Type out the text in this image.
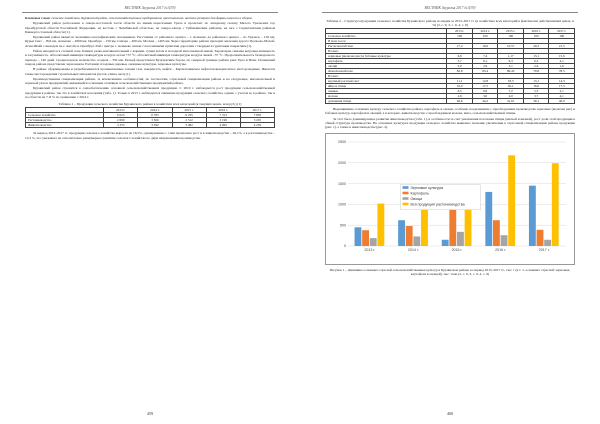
ВЕСТНИК Зауралья 2017 №3(39)

Ключевые слова: сельское хозяйство, Бурзянский район, сельскохозяйственные предприятия, крестьянские, наличие резервов для формы налогов и сборов.

Бурзянский район расположен в северо-восточной части области на линии пересечения Урала и пролегает по западному склону Малого Уральских гор Оренбургской области Российской Федерации, на востоке с Челябинской областью, на северо-западе с Туймазинским районом, на юге с Саракташским районом Башкортостанской области [1].

Бурзянский район является экономико-географическим положением. Расстояние от районного центра – г. Асекеево до районного центра – по Уральск – 156 км, Курьи Свет – 18,6 км, Асекеево – 2669 км, Оренбург – 150 км, Самара – 400 км, Москва – 1405 км. Через территорию района проходит железная дорога Уральско-Малой-Агин-Шайх с выходом на г. Актобе и Оренбург. Рай с центре г. Асекеево связан с населенными пунктами дорогами с твердым и грунтовым покрытием [1].

Район находится в степной зоне. Климат резко-континентальный с жарким, сухим летом и холодной малоснежной зимой. Характерна сильная ветровая активность и засушливость. Абсолютный минимум температуры воздуха летом +37 °С, абсолютный минимум температуры воздуха зимой –37 °С. Продолжительность безморозного периода – 140 дней. Среднегодовое количество осадков – 350 мм. Рельеф представлен Бузулукским бором, по северной границе района река Урал и Илек. Почвенный покров района представлен черноземом. Растения: плодовые деревья, овощные культуры, зерновые культуры.

В районе сформированы и разрабатываются промышленные залежи газа, конденсата, нефти – Карачаганакское нефтегазоконденсатное месторождение, Имеются также месторождения строительных материалов (песок, глина, мел) [1].

Производственная специализация района, за исключением особенностей, по частностям, отраслевой специализации района и на следующее, мясомолочный и зерновой уклон предприятий, являющейся основным отличием сельскохозяйственных предприятий района.

Бурзянский район стремится к самообеспечению основной сельскохозяйственной продукции. С 2010 г. наблюдается рост продукции сельскохозяйственной продукции в районе, так что в хозяйствах населения (табл. 1). Только в 2015 г. наблюдается снижение продукции сельского хозяйства, однако с учетом ее в районе, так и по области на 7–8 % по сравнению с 2014 г.

Таблица 1 – Продукция сельского хозяйства Бурзянского района в хозяйствах всех категорий (в текущих ценах, млн руб.) [1]
	2013 г.	2014 г.	2015 г.	2016 г.	2017 г.
Сельское хозяйство	6 025	6 783	6 235	7 313	7 850
Растениеводство	2 690	3 300	2 512	3 199	3 205
Животноводство	3 335	3 392	3 482	4 095	4 239

За период 2013–2017 гг. продукция сельского хозяйства выросла на 16,5%, одновременно с этим произошел рост и в животноводстве – 26,1%, а в растениеводстве – 12,3 %, что указывает на относительно равномерное развитие сельского хозяйства по двум направлениям производства.

459
ВЕСТНИК Зауралья 2017 №3(39)
Таблица 2 – Структура продукции сельского хозяйства Бурзянского района по видам за 2013–2017 гг. (в хозяйствах всех категорий в фактически действовавших ценах, в %) [2, с. 9, 3, с. 9, 4, с. 9]
	2013 г.	2014 г.	2015 г.	2016 г.	2017 г.
Сельское хозяйство	100	100	100	100	100
В том числе:					
Растениеводство	17,2	16,6	10,57	20,2	21,5
Из них:					
зерновые (включая рис) и бобовые культуры	6,6	7,4	1,17	13,1	15,6
картофель	5,7	6,1	6,3	6,3	4,1
овощи	2,9	2,9	3,1	2,6	1,6
Животноводство	82,8	83,4	89,43	79,8	78,5
Из них:					
крупный рогатый скот	11,1	12,8	18,3	13,1	14,3
яйца и птица	16,0	17,5	20,1	18,6	17,3
свиньи	6,5	6,9	7,2	5,3	2,1
молоко	2,6	3,0	4,0	3,7	4,1
домашняя птица	46,6	44,2	41,61	39,1	40,9

Выращивание основных культур сельского хозяйства района, картофель и овощи, особенно возделывание с преобладанием производства зерновых (включая рис) и бобовых культур, картофеля и овощей, а в которых, животноводство с преобладанием молока, мяса, сельскохозяйственной птицы.

За этот было доминирующее развитие животноводства (табл. 1), в особенности за счет увеличения поголовья птицы (мясной и яичной), рост доли этой продукции в общей структуре производства. На основных культурах продукция сельского хозяйства выявлено значение увеличения в отраслевой специализации района продукции (рис. 1), а также в животноводстве (рис. 2).

0
500
1000
1500
2000
2500
2013 г.	2014 г.	2015 г.	2016 г.	2017 г.
Зерновые культуры
Картофель
Овощи
Вся продукция растениеводства
Рисунок 1 – Динамика основных отраслей сельскохозяйственных культур в Бурзянском районе за период 2013–2017 гг., тыс. т (в т. ч. основных отраслей: зерновых, картофеля и овощей), тыс. тонн [2, с. 9, 3, с. 9, 4, с. 9]
460
